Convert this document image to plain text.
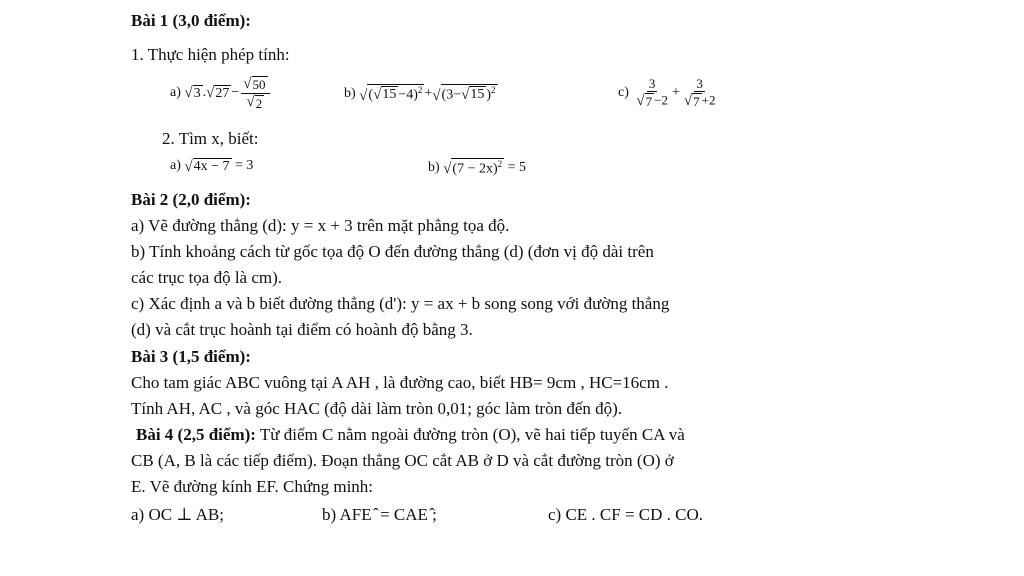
Bài 1 (3,0 điểm):
1. Thực hiện phép tính:
a)
√ 3 . √ $27 - \frac{√ 50}{√ 2}$	b)
√ ( √ 15 −4)$^2$ + √ (3− √ 15 )$^2$	c)
$\frac{3}{√ 7 -2} + \frac{3}{√ 7 +2}$
2. Tìm x, biết:
a)
√ 4x − 7
= 3	b)
√ $(7 - 2x)^2$
= 5
Bài 2 (2,0 điểm):
a) Vẽ đường thẳng (d): y = x + 3 trên mặt phẳng tọa độ.
b) Tính khoảng cách từ gốc tọa độ O đến đường thẳng (d) (đơn vị độ dài trên
các trục tọa độ là cm).
c) Xác định a và b biết đường thẳng (d'): y = ax + b song song với đường thẳng
(d) và cắt trục hoành tại điểm có hoành độ bằng 3.
Bài 3 (1,5 điểm):
Cho tam giác ABC vuông tại A AH , là đường cao, biết HB= 9cm , HC=16cm .
Tính AH, AC , và góc HAC (độ dài làm tròn 0,01; góc làm tròn đến độ).
Bài 4 (2,5 điểm): Từ điểm C nằm ngoài đường tròn (O), vẽ hai tiếp tuyến CA và
CB (A, B là các tiếp điểm). Đoạn thẳng OC cắt AB ở D và cắt đường tròn (O) ở
E. Vẽ đường kính EF. Chứng minh:
a) OC ⊥ AB;	b) AFE ̂ = CAE ̂;	c) CE . CF = CD . CO.
